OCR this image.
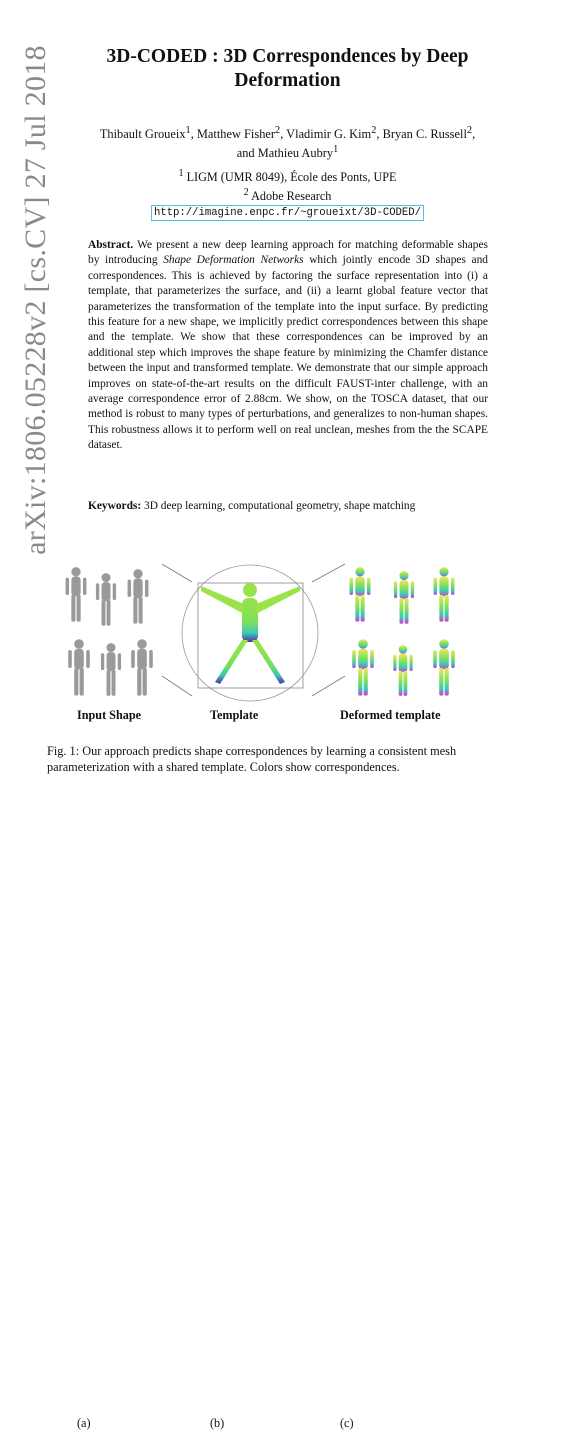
arXiv:1806.05228v2 [cs.CV] 27 Jul 2018	3D-CODED : 3D Correspondences by Deep Deformation
Thibault Groueix$^1$, Matthew Fisher$^2$, Vladimir G. Kim$^2$, Bryan C. Russell$^2$,
and Mathieu Aubry$^1$
$^1$ LIGM (UMR 8049), École des Ponts, UPE
$^2$ Adobe Research
http://imagine.enpc.fr/~groueixt/3D-CODED/

Abstract. We present a new deep learning approach for matching deformable shapes by introducing Shape Deformation Networks which jointly encode 3D shapes and correspondences. This is achieved by factoring the surface representation into (i) a template, that parameterizes the surface, and (ii) a learnt global feature vector that parameterizes the transformation of the template into the input surface. By predicting this feature for a new shape, we implicitly predict correspondences between this shape and the template. We show that these correspondences can be improved by an additional step which improves the shape feature by minimizing the Chamfer distance between the input and transformed template. We demonstrate that our simple approach improves on state-of-the-art results on the difficult FAUST-inter challenge, with an average correspondence error of 2.88cm. We show, on the TOSCA dataset, that our method is robust to many types of perturbations, and generalizes to non-human shapes. This robustness allows it to perform well on real unclean, meshes from the the SCAPE dataset.

Keywords: 3D deep learning, computational geometry, shape matching

(a)
Input Shape
(b)
Template
(c)
Deformed template

Fig. 1: Our approach predicts shape correspondences by learning a consistent mesh parameterization with a shared template. Colors show correspondences.
